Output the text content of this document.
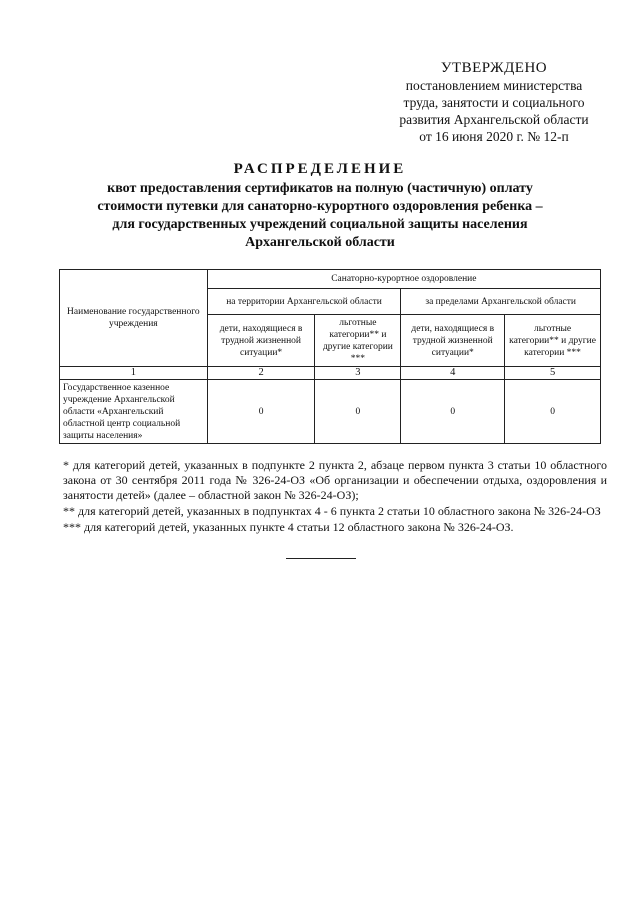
УТВЕРЖДЕНО
постановлением министерства
труда, занятости и социального
развития Архангельской области
от 16 июня 2020 г. № 12-п
РАСПРЕДЕЛЕНИЕ
квот предоставления сертификатов на полную (частичную) оплату
стоимости путевки для санаторно-курортного оздоровления ребенка –
для государственных учреждений социальной защиты населения
Архангельской области
Наименование государственного учреждения	Санаторно-курортное оздоровление			
	на территории Архангельской области		за пределами Архангельской области	
	дети, находящиеся в трудной жизненной ситуации*	льготные категории** и другие категории ***	дети, находящиеся в трудной жизненной ситуации*	льготные категории** и другие категории ***
1	2	3	4	5
Государственное казенное учреждение Архангельской области «Архангельский областной центр социальной защиты населения»	0	0	0	0

* для категорий детей, указанных в подпункте 2 пункта 2, абзаце первом пункта 3 статьи 10 областного закона от 30 сентября 2011 года № 326-24-ОЗ «Об организации и обеспечении отдыха, оздоровления и занятости детей» (далее – областной закон № 326-24-ОЗ);

** для категорий детей, указанных в подпунктах 4 - 6 пункта 2 статьи 10 областного закона № 326-24-ОЗ

*** для категорий детей, указанных пункте 4 статьи 12 областного закона № 326-24-ОЗ.
